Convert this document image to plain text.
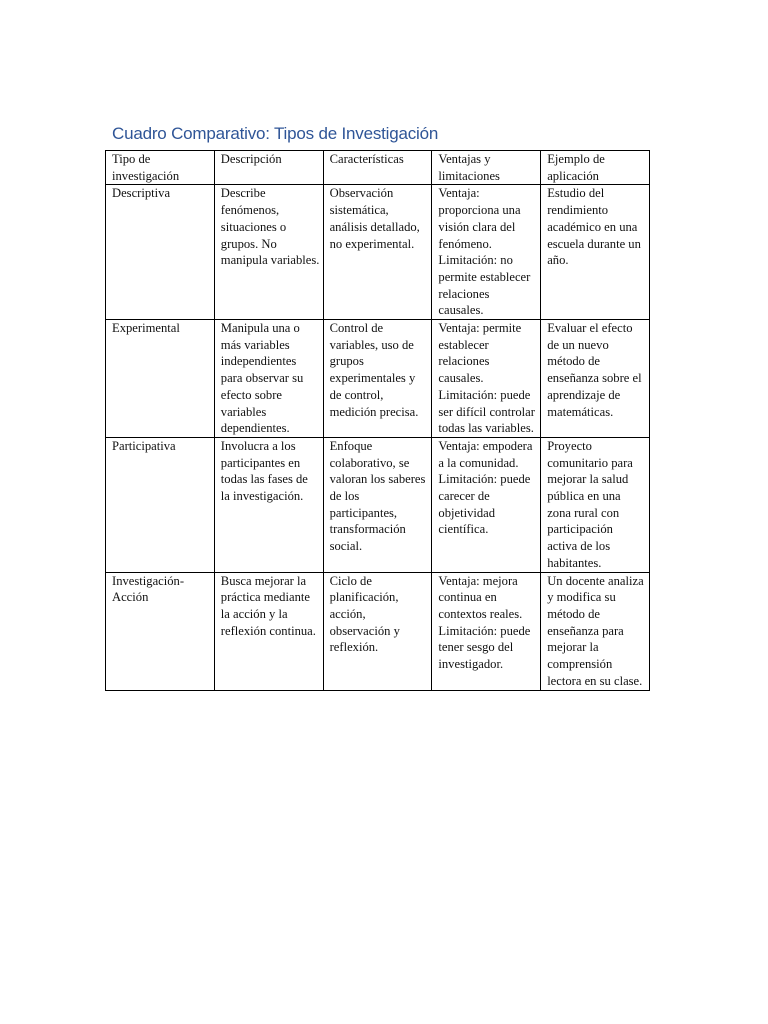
Cuadro Comparativo: Tipos de Investigación
Tipo de investigación	Descripción	Características	Ventajas y limitaciones	Ejemplo de aplicación
Descriptiva	Describe fenómenos, situaciones o grupos. No manipula variables.	Observación sistemática, análisis detallado, no experimental.	Ventaja: proporciona una visión clara del fenómeno. Limitación: no permite establecer relaciones causales.	Estudio del rendimiento académico en una escuela durante un año.
Experimental	Manipula una o más variables independientes para observar su efecto sobre variables dependientes.	Control de variables, uso de grupos experimentales y de control, medición precisa.	Ventaja: permite establecer relaciones causales. Limitación: puede ser difícil controlar todas las variables.	Evaluar el efecto de un nuevo método de enseñanza sobre el aprendizaje de matemáticas.
Participativa	Involucra a los participantes en todas las fases de la investigación.	Enfoque colaborativo, se valoran los saberes de los participantes, transformación social.	Ventaja: empodera a la comunidad. Limitación: puede carecer de objetividad científica.	Proyecto comunitario para mejorar la salud pública en una zona rural con participación activa de los habitantes.
Investigación-Acción	Busca mejorar la práctica mediante la acción y la reflexión continua.	Ciclo de planificación, acción, observación y reflexión.	Ventaja: mejora continua en contextos reales. Limitación: puede tener sesgo del investigador.	Un docente analiza y modifica su método de enseñanza para mejorar la comprensión lectora en su clase.
